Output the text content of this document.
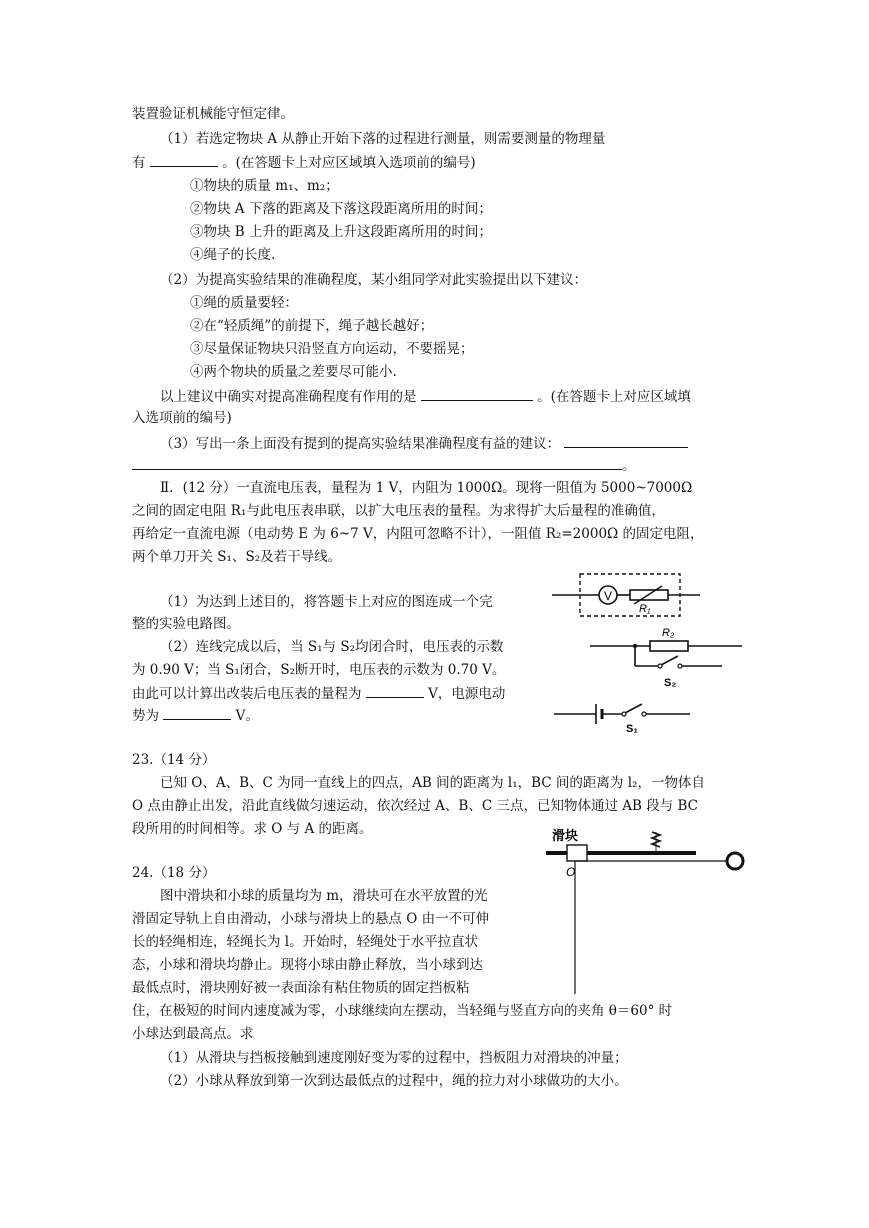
装置验证机械能守恒定律。
（1）若选定物块 A 从静止开始下落的过程进行测量，则需要测量的物理量
有	。(在答题卡上对应区域填入选项前的编号)
①物块的质量 m₁、m₂；
②物块 A 下落的距离及下落这段距离所用的时间；
③物块 B 上升的距离及上升这段距离所用的时间；
④绳子的长度.
（2）为提高实验结果的准确程度，某小组同学对此实验提出以下建议：
①绳的质量要轻：
②在“轻质绳”的前提下，绳子越长越好；
③尽量保证物块只沿竖直方向运动，不要摇晃；
④两个物块的质量之差要尽可能小.
以上建议中确实对提高准确程度有作用的是	。(在答题卡上对应区域填
入选项前的编号)
（3）写出一条上面没有提到的提高实验结果准确程度有益的建议：
。
Ⅱ．(12 分）一直流电压表，量程为 1 V，内阻为 1000Ω。现将一阻值为 5000~7000Ω
之间的固定电阻 R₁与此电压表串联，以扩大电压表的量程。为求得扩大后量程的准确值，
再给定一直流电源（电动势 E 为 6~7 V，内阻可忽略不计），一阻值 R₂=2000Ω 的固定电阻，
两个单刀开关 S₁、S₂及若干导线。
（1）为达到上述目的，将答题卡上对应的图连成一个完
整的实验电路图。
（2）连线完成以后，当 S₁与 S₂均闭合时，电压表的示数
为 0.90 V；当 S₁闭合，S₂断开时，电压表的示数为 0.70 V。
由此可以计算出改装后电压表的量程为	V，电源电动
势为	V。
V
R₁
R₂
S₂
S₁
23.（14 分）
已知 O、A、B、C 为同一直线上的四点，AB 间的距离为 l₁，BC 间的距离为 l₂，一物体自
O 点由静止出发，沿此直线做匀速运动，依次经过 A、B、C 三点，已知物体通过 AB 段与 BC
段所用的时间相等。求 O 与 A 的距离。
24.（18 分）
图中滑块和小球的质量均为 m，滑块可在水平放置的光
滑固定导轨上自由滑动，小球与滑块上的悬点 O 由一不可伸
长的轻绳相连，轻绳长为 l。开始时，轻绳处于水平拉直状
态，小球和滑块均静止。现将小球由静止释放，当小球到达
最低点时，滑块刚好被一表面涂有粘住物质的固定挡板粘
住，在极短的时间内速度减为零，小球继续向左摆动，当轻绳与竖直方向的夹角 θ＝60° 时
小球达到最高点。求
（1）从滑块与挡板接触到速度刚好变为零的过程中，挡板阻力对滑块的冲量；
（2）小球从释放到第一次到达最低点的过程中，绳的拉力对小球做功的大小。
滑块
O
